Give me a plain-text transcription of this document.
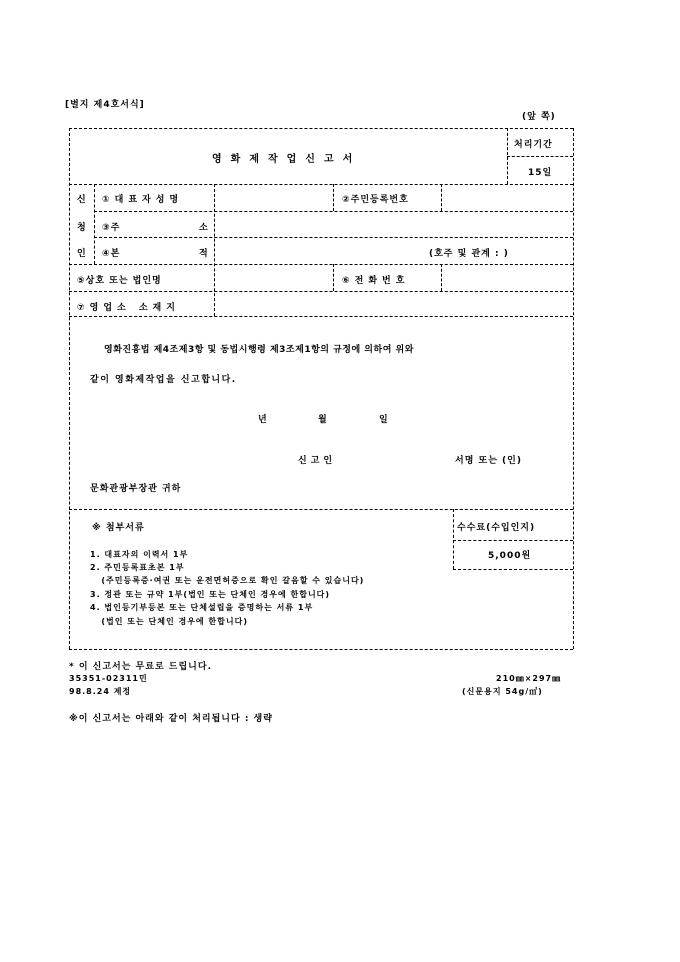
[별지 제4호서식]
(앞 쪽)
영화제작업신고서
처리기간
15일
신
청
인
①대표자성명	②주민등록번호
③주	소
④본	적	(호주 및 관계 : )
⑤상호 또는 법인명	⑥전화번호
⑦영업소 소재지
영화진흥법 제4조제3항 및 동법시행령 제3조제1항의 규정에 의하여 위와
같이 영화제작업을 신고합니다.
년	월	일
신고인	서명 또는 (인)
문화관광부장관 귀하
※ 첨부서류	수수료(수입인지)
5,000원
1. 대표자의 이력서 1부
2. 주민등록표초본 1부
(주민등록증·여권 또는 운전면허증으로 확인 갈음할 수 있습니다)
3. 정관 또는 규약 1부(법인 또는 단체인 경우에 한합니다)
4. 법인등기부등본 또는 단체설립을 증명하는 서류 1부
(법인 또는 단체인 경우에 한합니다)
* 이 신고서는 무료로 드립니다.
35351-02311민
98.8.24 제정
210㎜×297㎜
(신문용지 54g/㎡)
※이 신고서는 아래와 같이 처리됩니다 : 생략
